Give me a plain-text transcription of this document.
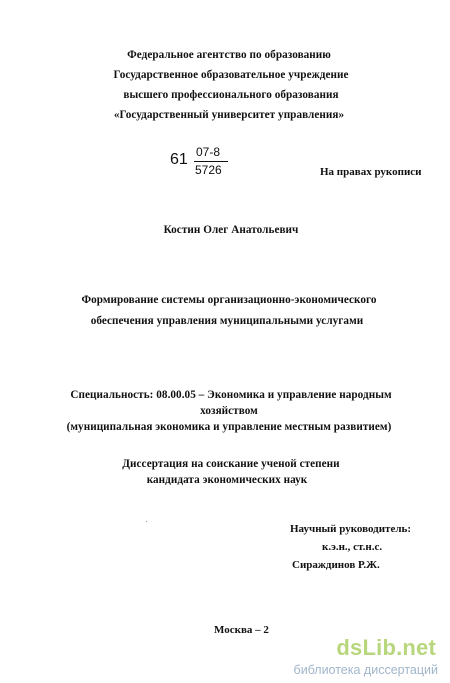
Федеральное агентство по образованию
Государственное образовательное учреждение
высшего профессионального образования
«Государственный университет управления»
61 07-8
5726	На правах рукописи
Костин Олег Анатольевич
Формирование системы организационно-экономического
обеспечения управления муниципальными услугами
Специальность: 08.00.05 – Экономика и управление народным
хозяйством
(муниципальная экономика и управление местным развитием)
Диссертация на соискание ученой степени
кандидата экономических наук
Научный руководитель:
к.э.н., ст.н.с.
Сираждинов Р.Ж.
Москва – 2
dsLib.net
библиотека диссертаций
